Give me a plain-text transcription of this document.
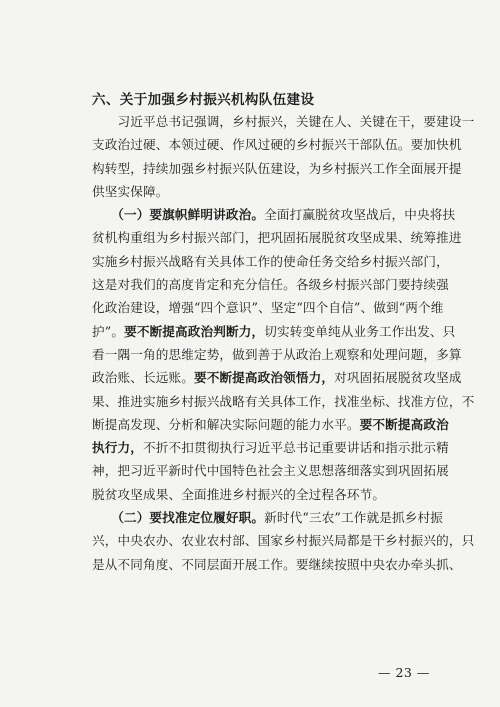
六、关于加强乡村振兴机构队伍建设
　　习近平总书记强调，乡村振兴，关键在人、关键在干，要建设一
支政治过硬、本领过硬、作风过硬的乡村振兴干部队伍。要加快机
构转型，持续加强乡村振兴队伍建设，为乡村振兴工作全面展开提
供坚实保障。
　　（一）要旗帜鲜明讲政治。全面打赢脱贫攻坚战后，中央将扶
贫机构重组为乡村振兴部门，把巩固拓展脱贫攻坚成果、统筹推进
实施乡村振兴战略有关具体工作的使命任务交给乡村振兴部门，
这是对我们的高度肯定和充分信任。各级乡村振兴部门要持续强
化政治建设，增强“四个意识”、坚定“四个自信”、做到“两个维
护”。要不断提高政治判断力，切实转变单纯从业务工作出发、只
看一隅一角的思维定势，做到善于从政治上观察和处理问题，多算
政治账、长远账。要不断提高政治领悟力，对巩固拓展脱贫攻坚成
果、推进实施乡村振兴战略有关具体工作，找准坐标、找准方位，不
断提高发现、分析和解决实际问题的能力水平。要不断提高政治
执行力，不折不扣贯彻执行习近平总书记重要讲话和指示批示精
神，把习近平新时代中国特色社会主义思想落细落实到巩固拓展
脱贫攻坚成果、全面推进乡村振兴的全过程各环节。
　　（二）要找准定位履好职。新时代“三农”工作就是抓乡村振
兴，中央农办、农业农村部、国家乡村振兴局都是干乡村振兴的，只
是从不同角度、不同层面开展工作。要继续按照中央农办牵头抓、
— 23 —
